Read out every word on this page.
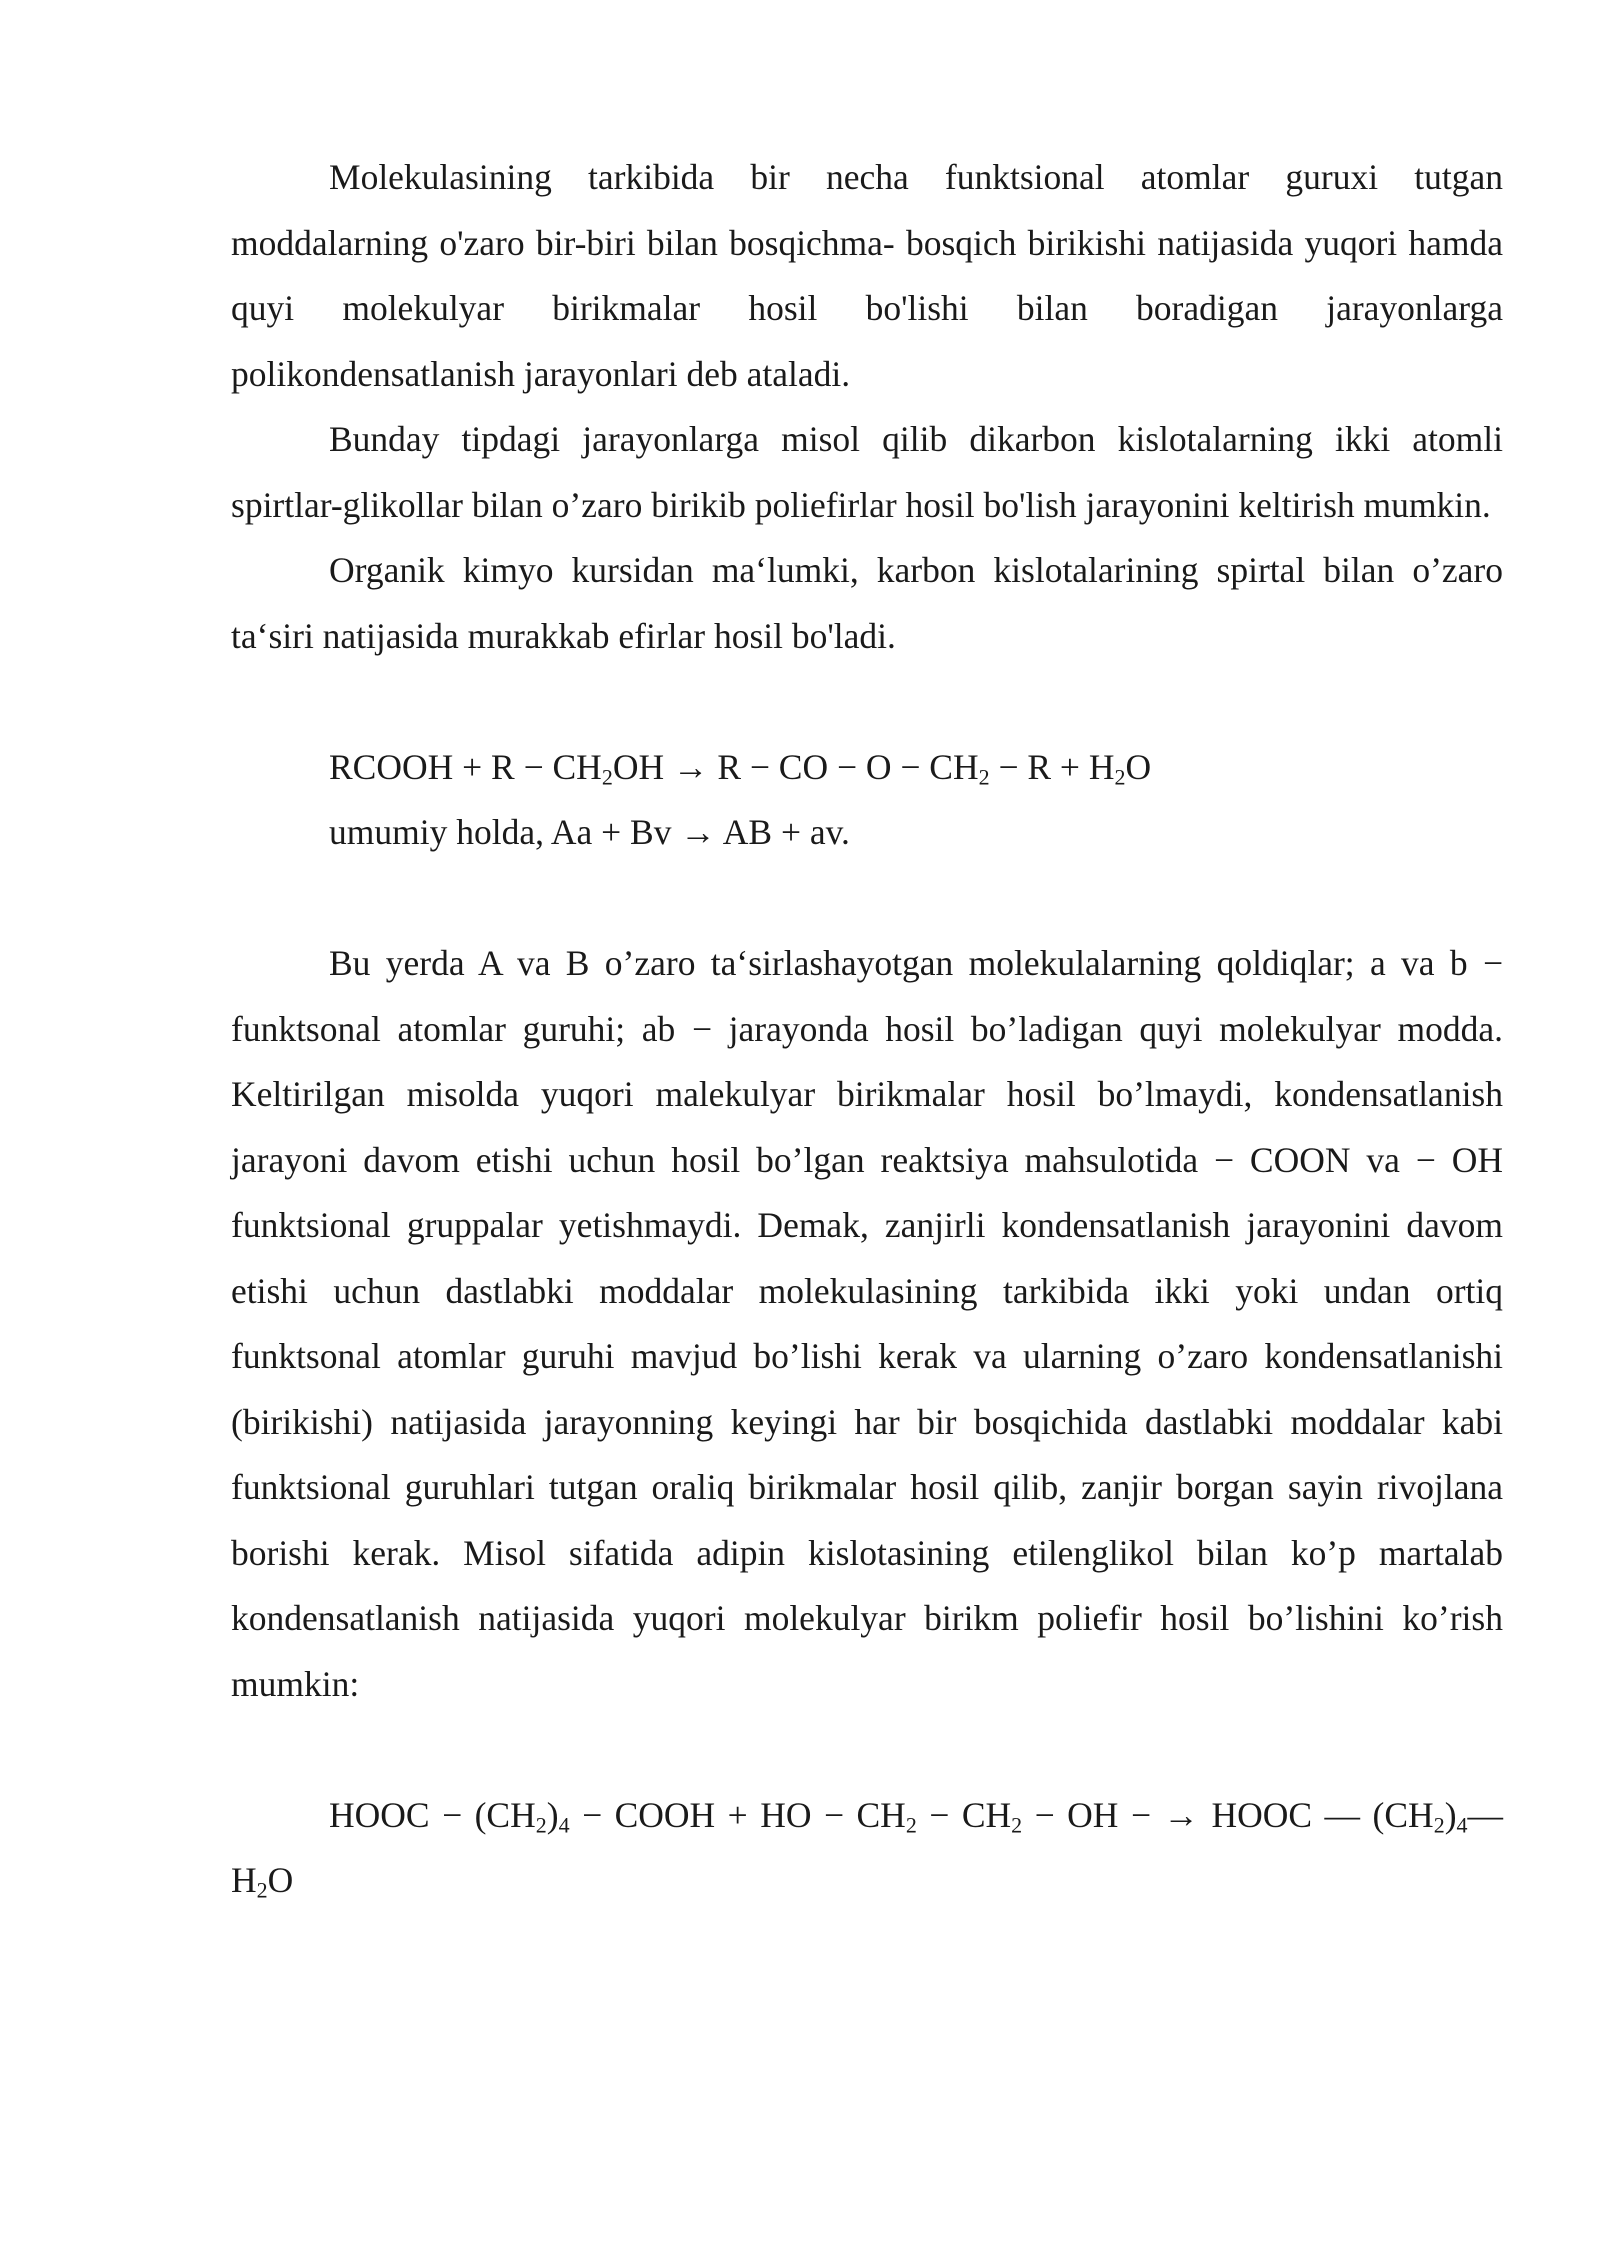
Molekulasining tarkibida bir necha funktsional atomlar guruxi tutgan moddalarning o'zaro bir-biri bilan bosqichma- bosqich birikishi natijasida yuqori hamda quyi molekulyar birikmalar hosil bo'lishi bilan boradigan jarayonlarga polikondensatlanish jarayonlari deb ataladi.

Bunday tipdagi jarayonlarga misol qilib dikarbon kislotalarning ikki atomli spirtlar-glikollar bilan o’zaro birikib poliefirlar hosil bo'lish jarayonini keltirish mumkin.

Organik kimyo kursidan ma‘lumki, karbon kislotalarining spirtal bilan o’zaro ta‘siri natijasida murakkab efirlar hosil bo'ladi.

RCOOH + $R - CH_2OH \to R$ − CO − $O - CH_2 - R + H_2O$
umumiy holda, Aa + Bv → AB + av.

Bu yerda A va B o’zaro ta‘sirlashayotgan molekulalarning qoldiqlar; a va b − funktsonal atomlar guruhi; ab − jarayonda hosil bo’ladigan quyi molekulyar modda. Keltirilgan misolda yuqori malekulyar birikmalar hosil bo’lmaydi, kondensatlanish jarayoni davom etishi uchun hosil bo’lgan reaktsiya mahsulotida − COON va − OH funktsional gruppalar yetishmaydi. Demak, zanjirli kondensatlanish jarayonini davom etishi uchun dastlabki moddalar molekulasining tarkibida ikki yoki undan ortiq funktsonal atomlar guruhi mavjud bo’lishi kerak va ularning o’zaro kondensatlanishi (birikishi) natijasida jarayonning keyingi har bir bosqichida dastlabki moddalar kabi funktsional guruhlari tutgan oraliq birikmalar hosil qilib, zanjir borgan sayin rivojlana borishi kerak. Misol sifatida adipin kislotasining etilenglikol bilan ko’p martalab kondensatlanish natijasida yuqori molekulyar birikm poliefir hosil bo’lishini ko’rish mumkin:

HOOC − $(CH_2)_4$ − COOH + HO − $CH_2 - CH_2$ − OH − → HOOC — $(CH_2)_4—$ $H_2O$
